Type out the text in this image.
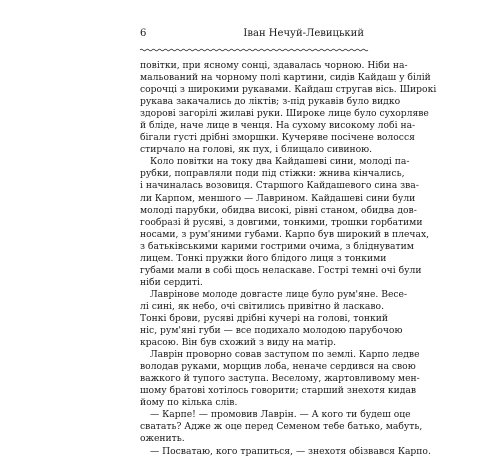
6	Іван Нечуй-Левицький
повітки, при ясному сонці, здавалась чорною. Ніби на-
мальований на чорному полі картини, сидів Кайдаш у білій
сорочці з широкими рукавами. Кайдаш стругав вісь. Широкі
рукава закачались до ліктів; з-під рукавів було видко
здорові загорілі жилаві руки. Широке лице було сухорляве
й бліде, наче лице в ченця. На сухому високому лобі на-
бігали густі дрібні зморшки. Кучеряве посічене волосся
стирчало на голові, як пух, і блищало сивиною.
Коло повітки на току два Кайдашеві сини, молоді па-
рубки, поправляли поди під стіжки: жнива кінчались,
і начиналась возовиця. Старшого Кайдашевого сина зва-
ли Карпом, меншого — Лаврином. Кайдашеві сини були
молоді парубки, обидва високі, рівні станом, обидва дов-
гообразі й русяві, з довгими, тонкими, трошки горбатими
носами, з рум'яними губами. Карпо був широкий в плечах,
з батьківськими карими гострими очима, з бліднуватим
лицем. Тонкі пружки його блідого лиця з тонкими
губами мали в собі щось неласкаве. Гострі темні очі були
ніби сердиті.
Лаврінове молоде довгасте лице було рум'яне. Весе-
лі сині, як небо, очі світились привітно й ласкаво.
Тонкі брови, русяві дрібні кучері на голові, тонкий
ніс, рум'яні губи — все подихало молодою парубочою
красою. Він був схожий з виду на матір.
Лаврін проворно совав заступом по землі. Карпо ледве
володав руками, морщив лоба, неначе сердився на свою
важкого й тупого заступа. Веселому, жартовливому мен-
шому братові хотілось говорити; старший знехотя кидав
йому по кілька слів.
— Карпе! — промовив Лаврін. — А кого ти будеш оце
сватать? Адже ж оце перед Семеном тебе батько, мабуть,
оженить.
— Посватаю, кого трапиться, — знехотя обізвався Карпо.
